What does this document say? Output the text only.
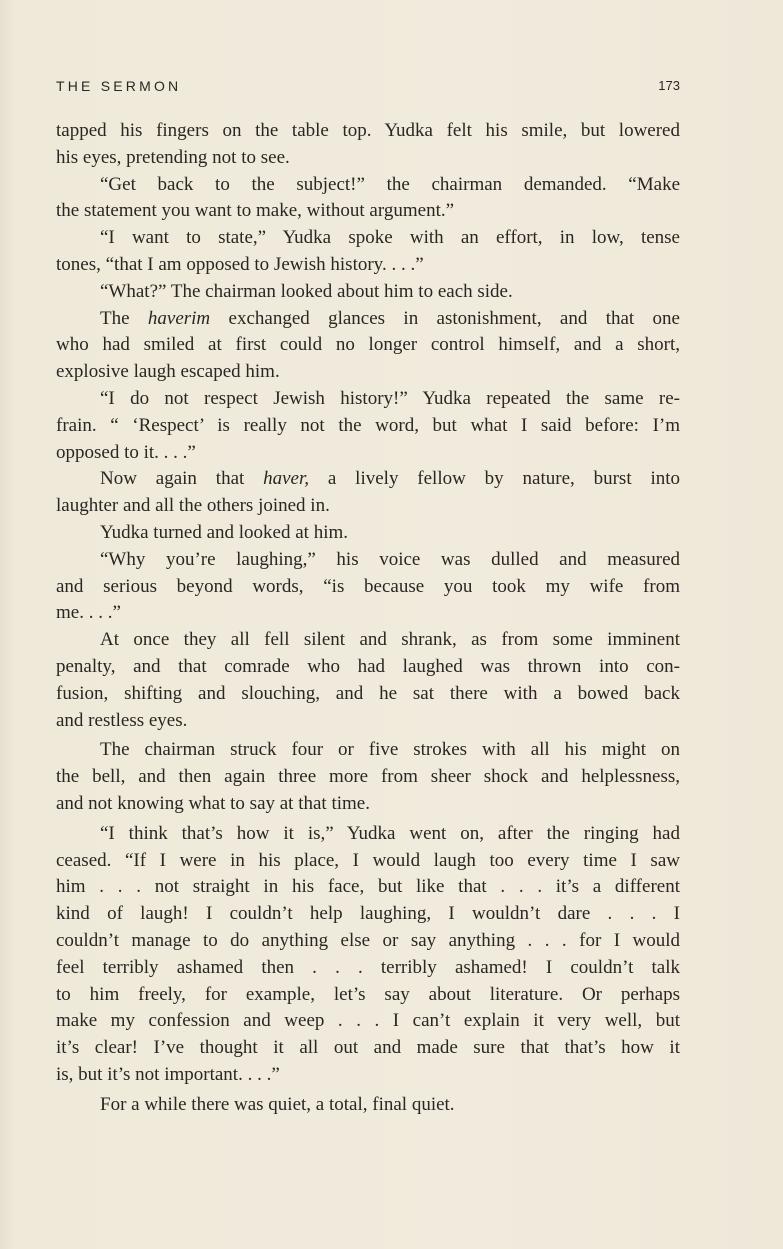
THE SERMON	173
tapped his fingers on the table top. Yudka felt his smile, but lowered
his eyes, pretending not to see.
“Get back to the subject!” the chairman demanded. “Make
the statement you want to make, without argument.”
“I want to state,” Yudka spoke with an effort, in low, tense
tones, “that I am opposed to Jewish history. . . .”
“What?” The chairman looked about him to each side.
The haverim exchanged glances in astonishment, and that one
who had smiled at first could no longer control himself, and a short,
explosive laugh escaped him.
“I do not respect Jewish history!” Yudka repeated the same re-
frain. “ ‘Respect’ is really not the word, but what I said before: I’m
opposed to it. . . .”
Now again that haver, a lively fellow by nature, burst into
laughter and all the others joined in.
Yudka turned and looked at him.
“Why you’re laughing,” his voice was dulled and measured
and serious beyond words, “is because you took my wife from
me. . . .”
At once they all fell silent and shrank, as from some imminent
penalty, and that comrade who had laughed was thrown into con-
fusion, shifting and slouching, and he sat there with a bowed back
and restless eyes.
The chairman struck four or five strokes with all his might on
the bell, and then again three more from sheer shock and helplessness,
and not knowing what to say at that time.
“I think that’s how it is,” Yudka went on, after the ringing had
ceased. “If I were in his place, I would laugh too every time I saw
him . . . not straight in his face, but like that . . . it’s a different
kind of laugh! I couldn’t help laughing, I wouldn’t dare . . . I
couldn’t manage to do anything else or say anything . . . for I would
feel terribly ashamed then . . . terribly ashamed! I couldn’t talk
to him freely, for example, let’s say about literature. Or perhaps
make my confession and weep . . . I can’t explain it very well, but
it’s clear! I’ve thought it all out and made sure that that’s how it
is, but it’s not important. . . .”
For a while there was quiet, a total, final quiet.
